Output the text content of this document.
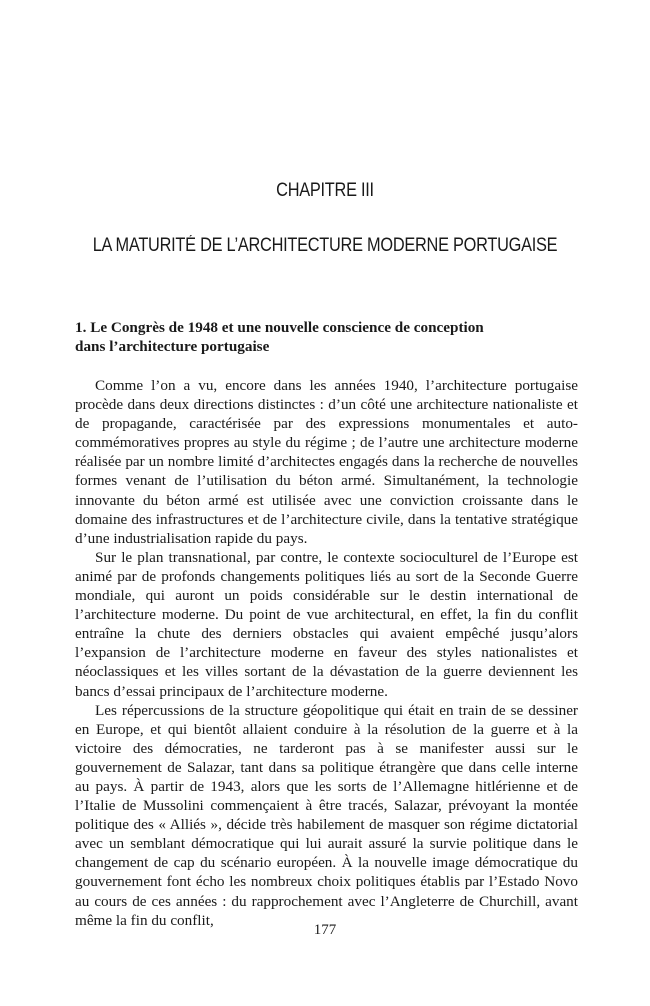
CHAPITRE III
LA MATURITÉ DE L’ARCHITECTURE MODERNE PORTUGAISE
1. Le Congrès de 1948 et une nouvelle conscience de conception
dans l’architecture portugaise

Comme l’on a vu, encore dans les années 1940, l’architecture portugaise procède dans deux directions distinctes : d’un côté une architecture nationaliste et de propagande, caractérisée par des expressions monumentales et auto-commémoratives propres au style du régime ; de l’autre une architecture moderne réalisée par un nombre limité d’architectes engagés dans la recherche de nouvelles formes venant de l’utilisation du béton armé. Simultanément, la technologie innovante du béton armé est utilisée avec une conviction croissante dans le domaine des infrastructures et de l’architecture civile, dans la tentative stratégique d’une industrialisation rapide du pays.

Sur le plan transnational, par contre, le contexte socioculturel de l’Europe est animé par de profonds changements politiques liés au sort de la Seconde Guerre mondiale, qui auront un poids considérable sur le destin international de l’architecture moderne. Du point de vue architectural, en effet, la fin du conflit entraîne la chute des derniers obstacles qui avaient empêché jusqu’alors l’expansion de l’architecture moderne en faveur des styles nationalistes et néoclassiques et les villes sortant de la dévastation de la guerre deviennent les bancs d’essai principaux de l’architecture moderne.

Les répercussions de la structure géopolitique qui était en train de se dessiner en Europe, et qui bientôt allaient conduire à la résolution de la guerre et à la victoire des démocraties, ne tarderont pas à se manifester aussi sur le gouvernement de Salazar, tant dans sa politique étrangère que dans celle interne au pays. À partir de 1943, alors que les sorts de l’Allemagne hitlérienne et de l’Italie de Mussolini commençaient à être tracés, Salazar, prévoyant la montée politique des « Alliés », décide très habilement de masquer son régime dictatorial avec un semblant démocratique qui lui aurait assuré la survie politique dans le changement de cap du scénario européen. À la nouvelle image démocratique du gouvernement font écho les nombreux choix politiques établis par l’Estado Novo au cours de ces années : du rapprochement avec l’Angleterre de Churchill, avant même la fin du conflit,

177
